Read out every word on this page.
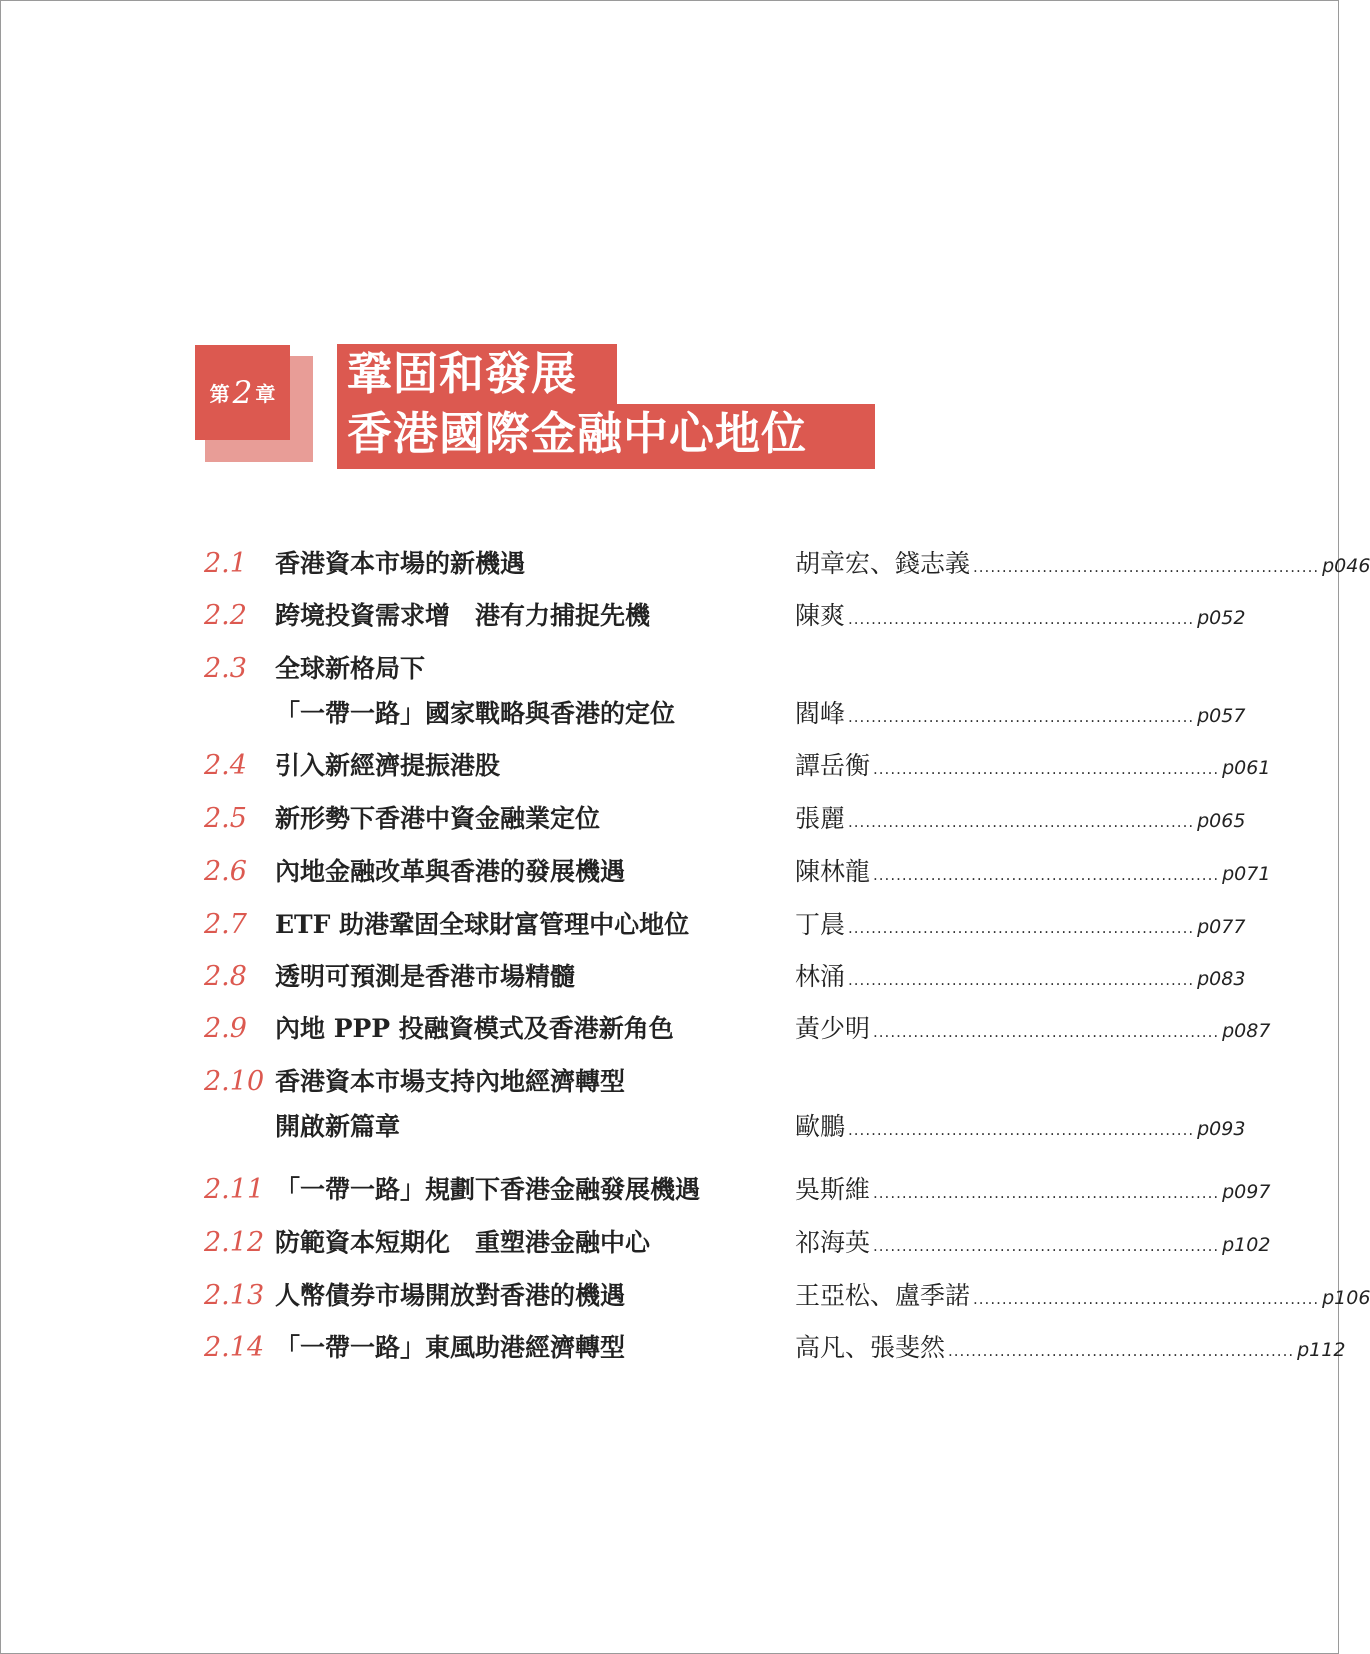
第 2 章 鞏固和發展
香港國際金融中心地位
2.1 香港資本市場的新機遇	胡章宏、錢志義 ............................................................ p046
2.2 跨境投資需求增　港有力捕捉先機	陳爽 ............................................................ p052
2.3 全球新格局下
「一帶一路」國家戰略與香港的定位	閻峰 ............................................................ p057
2.4 引入新經濟提振港股	譚岳衡 ............................................................ p061
2.5 新形勢下香港中資金融業定位	張麗 ............................................................ p065
2.6 內地金融改革與香港的發展機遇	陳林龍 ............................................................ p071
2.7 ETF 助港鞏固全球財富管理中心地位	丁晨 ............................................................ p077
2.8 透明可預測是香港市場精髓	林涌 ............................................................ p083
2.9 內地 PPP 投融資模式及香港新角色	黃少明 ............................................................ p087
2.10 香港資本市場支持內地經濟轉型
開啟新篇章	歐鵬 ............................................................ p093
2.11 「一帶一路」規劃下香港金融發展機遇	吳斯維 ............................................................ p097
2.12 防範資本短期化　重塑港金融中心	祁海英 ............................................................ p102
2.13 人幣債券市場開放對香港的機遇	王亞松、盧季諾 ............................................................ p106
2.14 「一帶一路」東風助港經濟轉型	高凡、張斐然 ............................................................ p112
